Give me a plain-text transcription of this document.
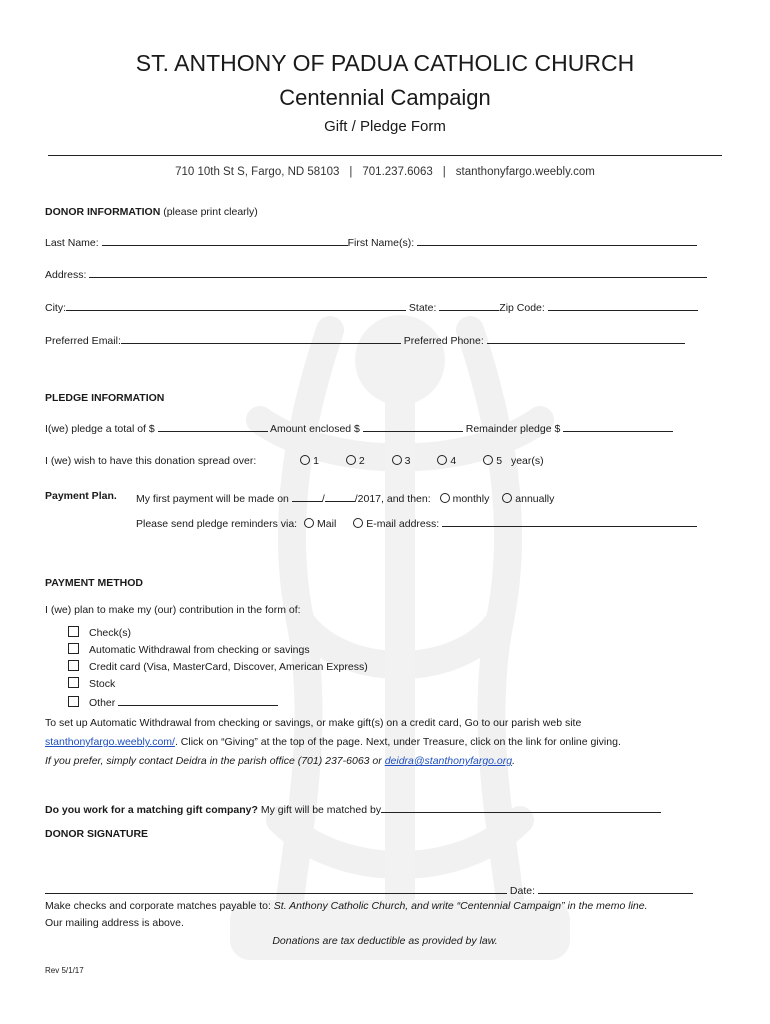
ST. ANTHONY OF PADUA CATHOLIC CHURCH
Centennial Campaign
Gift / Pledge Form
710 10th St S, Fargo, ND 58103 | 701.237.6063 | stanthonyfargo.weebly.com
DONOR INFORMATION (please print clearly)
Last Name:	First Name(s):
Address:
City:	State:	Zip Code:
Preferred Email:	Preferred Phone:
PLEDGE INFORMATION
I(we) pledge a total of $	Amount enclosed $	Remainder pledge $
I (we) wish to have this donation spread over:	1	2	3	4	5 year(s)
Payment Plan. My first payment will be made on	/	/2017, and then: monthly annually
Please send pledge reminders via: Mail	E-mail address:
PAYMENT METHOD
I (we) plan to make my (our) contribution in the form of:
Check(s)
Automatic Withdrawal from checking or savings
Credit card (Visa, MasterCard, Discover, American Express)
Stock
Other
To set up Automatic Withdrawal from checking or savings, or make gift(s) on a credit card, Go to our parish web site
stanthonyfargo.weebly.com/. Click on “Giving” at the top of the page. Next, under Treasure, click on the link for online giving.
If you prefer, simply contact Deidra in the parish office (701) 237-6063 or deidra@stanthonyfargo.org.
Do you work for a matching gift company? My gift will be matched by
DONOR SIGNATURE
Date:
Make checks and corporate matches payable to: St. Anthony Catholic Church, and write “Centennial Campaign” in the memo line.
Our mailing address is above.
Donations are tax deductible as provided by law.
Rev 5/1/17
